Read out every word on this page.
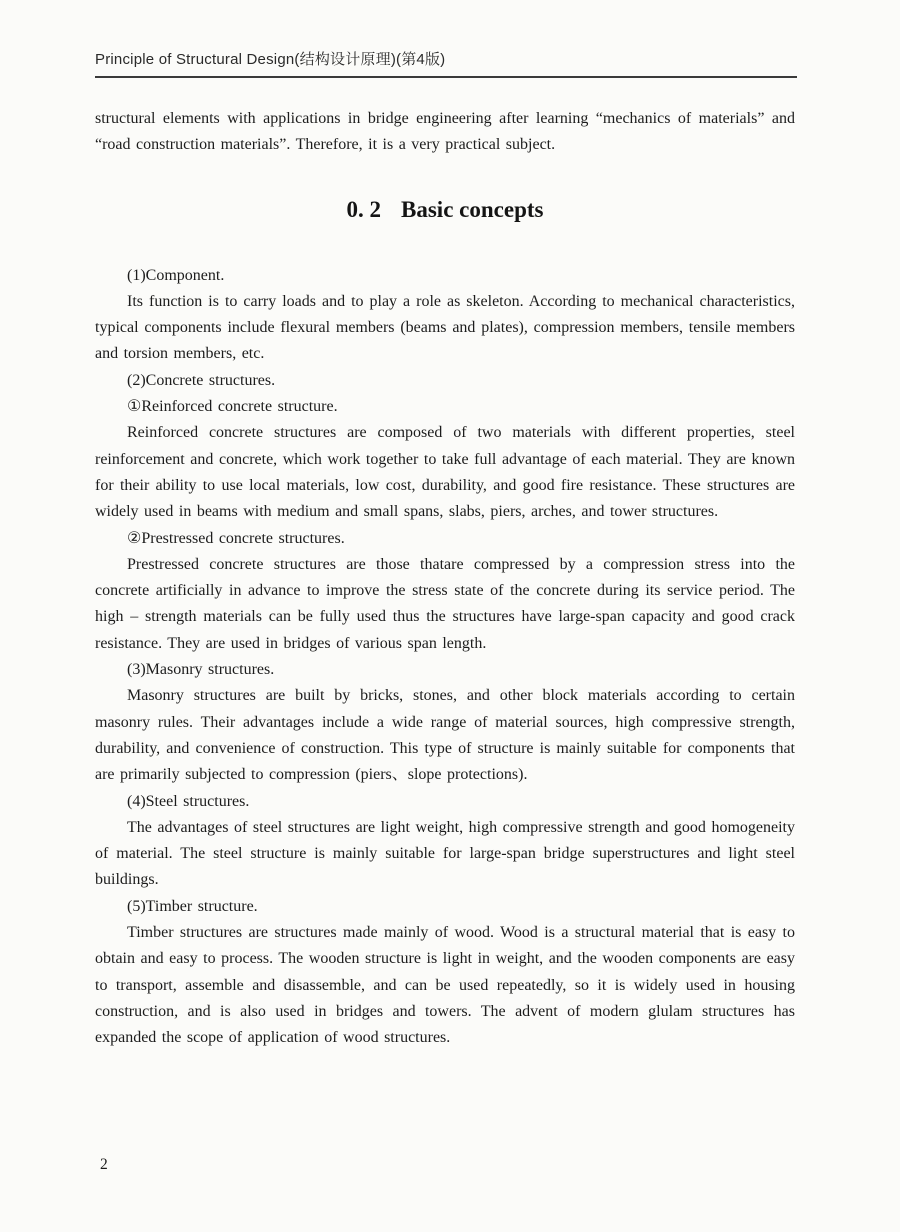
Principle of Structural Design(结构设计原理)(第4版)

structural elements with applications in bridge engineering after learning “mechanics of materials” and “road construction materials”. Therefore, it is a very practical subject.

0. 2 Basic concepts

(1)Component.

Its function is to carry loads and to play a role as skeleton. According to mechanical characteristics, typical components include flexural members (beams and plates), compression members, tensile members and torsion members, etc.

(2)Concrete structures.

①Reinforced concrete structure.

Reinforced concrete structures are composed of two materials with different properties, steel reinforcement and concrete, which work together to take full advantage of each material. They are known for their ability to use local materials, low cost, durability, and good fire resistance. These structures are widely used in beams with medium and small spans, slabs, piers, arches, and tower structures.

②Prestressed concrete structures.

Prestressed concrete structures are those thatare compressed by a compression stress into the concrete artificially in advance to improve the stress state of the concrete during its service period. The high – strength materials can be fully used thus the structures have large-span capacity and good crack resistance. They are used in bridges of various span length.

(3)Masonry structures.

Masonry structures are built by bricks, stones, and other block materials according to certain masonry rules. Their advantages include a wide range of material sources, high compressive strength, durability, and convenience of construction. This type of structure is mainly suitable for components that are primarily subjected to compression (piers、slope protections).

(4)Steel structures.

The advantages of steel structures are light weight, high compressive strength and good homogeneity of material. The steel structure is mainly suitable for large-span bridge superstructures and light steel buildings.

(5)Timber structure.

Timber structures are structures made mainly of wood. Wood is a structural material that is easy to obtain and easy to process. The wooden structure is light in weight, and the wooden components are easy to transport, assemble and disassemble, and can be used repeatedly, so it is widely used in housing construction, and is also used in bridges and towers. The advent of modern glulam structures has expanded the scope of application of wood structures.

2
